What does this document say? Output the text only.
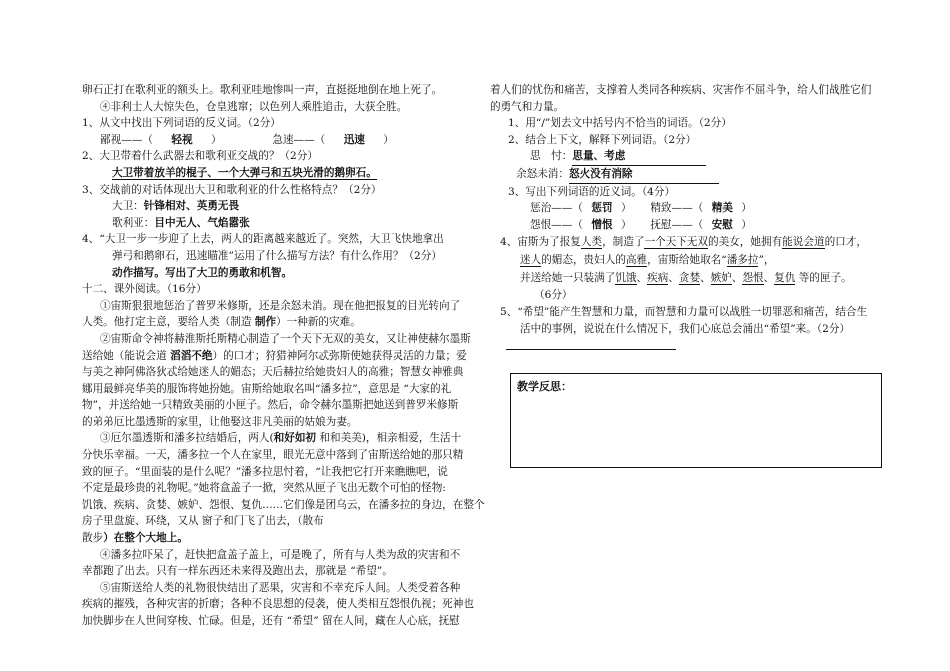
卵石正打在歌利亚的额头上。歌利亚哇地惨叫一声，直挺挺地倒在地上死了。

④非利士人大惊失色，仓皇逃窜；以色列人乘胜追击，大获全胜。

1、从文中找出下列词语的反义词。（2分）

鄙视——（ 轻视 ）	急速——（ 迅速 ）

2、大卫带着什么武器去和歌利亚交战的？（2分）

大卫带着放羊的棍子、一个大弹弓和五块光滑的鹅卵石。

3、交战前的对话体现出大卫和歌利亚的什么性格特点？（2分）

大卫：针锋相对、英勇无畏

歌利亚：目中无人、气焰嚣张

4、“大卫一步一步迎了上去，两人的距离越来越近了。突然，大卫飞快地拿出

弹弓和鹅卵石，迅速瞄准”运用了什么描写方法？有什么作用？（2分）

动作描写。写出了大卫的勇敢和机智。

十二、课外阅读。（16分）

①宙斯狠狠地惩治了普罗米修斯，还是余怒未消。现在他把报复的目光转向了

人类。他打定主意，要给人类（制造 制作）一种新的灾难。

②宙斯命令神将赫淮斯托斯精心制造了一个天下无双的美女，又让神使赫尔墨斯

送给她（能说会道 滔滔不绝）的口才；狩猎神阿尔忒弥斯使她获得灵活的力量；爱

与美之神阿佛洛狄忒给她迷人的媚态；天后赫拉给她贵妇人的高雅；智慧女神雅典

娜用最鲜亮华美的服饰将她扮她。宙斯给她取名叫“潘多拉”，意思是 “大家的礼

物”，并送给她一只精致美丽的小匣子。然后，命令赫尔墨斯把她送到普罗米修斯

的弟弟厄比墨透斯的家里，让他娶这非凡美丽的姑娘为妻。

③厄尔墨透斯和潘多拉结婚后，两人(和好如初 和和美美)，相亲相爱，生活十

分快乐幸福。一天，潘多拉一个人在家里，眼光无意中落到了宙斯送给她的那只精

致的匣子。“里面装的是什么呢？”潘多拉思忖着，“让我把它打开来瞧瞧吧，说

不定是最珍贵的礼物呢。”她将盒盖子一掀，突然从匣子飞出无数个可怕的怪物:

饥饿、疾病、贪婪、嫉妒、怨恨、复仇……它们像是团乌云，在潘多拉的身边，在整个

房子里盘旋、环绕，又从 窗子和门飞了出去，（散布

散步）在整个大地上。

④潘多拉吓呆了，赶快把盒盖子盖上，可是晚了，所有与人类为敌的灾害和不

幸都跑了出去。只有一样东西还未来得及跑出去，那就是 “希望”。

⑤宙斯送给人类的礼物很快结出了恶果，灾害和不幸充斥人间。人类受着各种

疾病的摧残，各种灾害的折磨；各种不良思想的侵袭，使人类相互怨恨仇视；死神也

加快脚步在人世间穿梭、忙碌。但是，还有 “希望” 留在人间，藏在人心底，抚慰

着人们的忧伤和痛苦，支撑着人类同各种疾病、灾害作不屈斗争，给人们战胜它们

的勇气和力量。

1、用“/”划去文中括号内不恰当的词语。（2分）

2、结合上下文，解释下列词语。（2分）

思　忖：思量、考虑

余怒未消：怒火没有消除

3、写出下列词语的近义词。（4分）

惩治——（ 惩罚 ） 精致——（ 精美 ）

怨恨——（ 憎恨 ） 抚慰——（ 安慰 ）

4、宙斯为了报复人类，制造了一个天下无双的美女，她拥有能说会道的口才，

迷人的媚态，贵妇人的高雅，宙斯给她取名“潘多拉”，

并送给她一只装满了饥饿、疾病、贪婪、嫉妒、怨恨、复仇 等的匣子。

（6分）

5、“希望”能产生智慧和力量，而智慧和力量可以战胜一切罪恶和痛苦，结合生

活中的事例，说说在什么情况下，我们心底总会涌出“希望”来。（2分）

教学反思：
